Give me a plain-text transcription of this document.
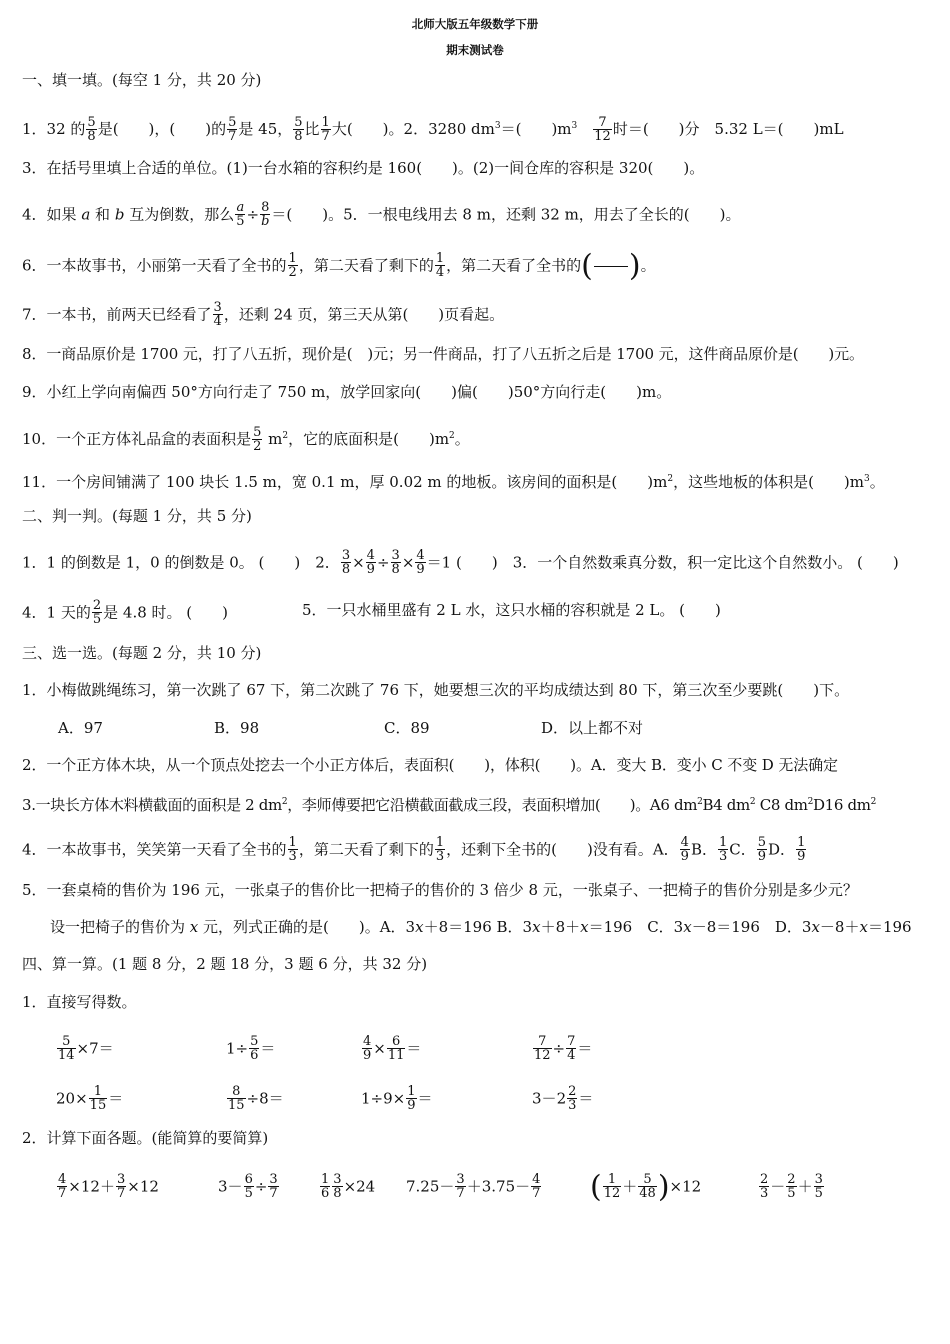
北师大版五年级数学下册
期末测试卷
一、填一填。(每空 1 分，共 20 分)
1．32 的 $\frac{5}{8}$ 是(　　)，(　　)的 $\frac{5}{7}$ 是 45， $\frac{5}{8}$ 比 $\frac{1}{7}$ 大(　　)。2．3280 $dm^3=$(　　)$m^3$　 $\frac{7}{12}$ 时＝(　　)分　5.32 L＝(　　)mL
3．在括号里填上合适的单位。(1)一台水箱的容积约是 160(　　)。(2)一间仓库的容积是 320(　　)。
4．如果 a 和 b 互为倒数，那么 $\frac{a}{5} \div \frac{8}{b}$ ＝(　　)。5．一根电线用去 8 m，还剩 32 m，用去了全长的(　　)。
6．一本故事书，小丽第一天看了全书的 $\frac{1}{2}$ ，第二天看了剩下的 $\frac{1}{4}$ ，第二天看了全书的( )。
7．一本书，前两天已经看了 $\frac{3}{4}$ ，还剩 24 页，第三天从第(　　)页看起。
8．一商品原价是 1700 元，打了八五折，现价是(　)元；另一件商品，打了八五折之后是 1700 元，这件商品原价是(　　)元。
9．小红上学向南偏西 50°方向行走了 750 m，放学回家向(　　)偏(　　)50°方向行走(　　)m。
10．一个正方体礼品盒的表面积是 $\frac{5}{2} m^2$，它的底面积是(　　)$m^2$。
11．一个房间铺满了 100 块长 1.5 m，宽 0.1 m，厚 0.02 m 的地板。该房间的面积是(　　)$m^2$，这些地板的体积是(　　)$m^3$。
二、判一判。(每题 1 分，共 5 分)
1．1 的倒数是 1，0 的倒数是 0。 (　　)　2． $\frac{3}{8} \times \frac{4}{9} \div \frac{3}{8} \times \frac{4}{9} =1$ (　　)　3．一个自然数乘真分数，积一定比这个自然数小。 (　　)
4．1 天的 $\frac{2}{5}$ 是 4.8 时。 (　　)	5．一只水桶里盛有 2 L 水，这只水桶的容积就是 2 L。 (　　)
三、选一选。(每题 2 分，共 10 分)
1．小梅做跳绳练习，第一次跳了 67 下，第二次跳了 76 下，她要想三次的平均成绩达到 80 下，第三次至少要跳(　　)下。
A．97	B．98	C．89	D．以上都不对
2．一个正方体木块，从一个顶点处挖去一个小正方体后，表面积(　　)，体积(　　)。A．变大 B．变小 C 不变 D 无法确定
3.一块长方体木料横截面的面积是 2 $dm^2$，李师傅要把它沿横截面截成三段，表面积增加(　　)。A6 $dm^2B4$ $dm^2$ C8 $dm^2D16$ $dm^2$
4．一本故事书，笑笑第一天看了全书的 $\frac{1}{3}$ ，第二天看了剩下的 $\frac{1}{3}$ ，还剩下全书的(　　)没有看。A． $\frac{4}{9}$ B． $\frac{1}{3}$ C． $\frac{5}{9}$ D． $\frac{1}{9}$
5．一套桌椅的售价为 196 元，一张桌子的售价比一把椅子的售价的 3 倍少 8 元，一张桌子、一把椅子的售价分别是多少元？
设一把椅子的售价为 x 元，列式正确的是(　　)。A．3x＋8＝196 B．3x＋8＋x＝196　C．3x－8＝196　D．3x－8＋x＝196
四、算一算。(1 题 8 分，2 题 18 分，3 题 6 分，共 32 分)
1．直接写得数。
$\frac{5}{14} \times 7=$	$1\div \frac{5}{6}$ ＝	$\frac{4}{9} \times \frac{6}{11}$ ＝	$\frac{7}{12} \div \frac{7}{4}$ ＝
$20\times \frac{1}{15}$ ＝	$\frac{8}{15} \div 8=$	$1\div 9\times \frac{1}{9}$ ＝	$3-2 \frac{2}{3}$ ＝
2．计算下面各题。(能简算的要简算)
$\frac{4}{7} \times 12+ \frac{3}{7} \times 12$	$3- \frac{6}{5} \div \frac{3}{7}$	$\frac{1}{6} \frac{3}{8} \times 24$ $7.25- \frac{3}{7} +3.75- \frac{4}{7}$ ( $\frac{1}{12} + \frac{5}{48} )\times 12$	$\frac{2}{3} - \frac{2}{5} + \frac{3}{5}$
